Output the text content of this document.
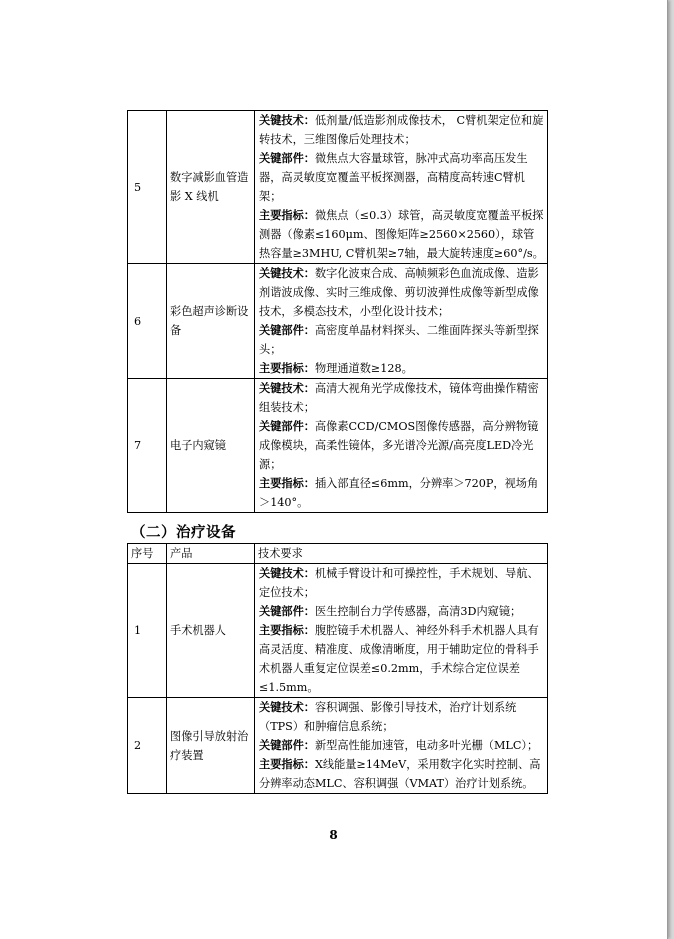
5	数字减影血管造影 X 线机	关键技术：低剂量/低造影剂成像技术， C臂机架定位和旋转技术，三维图像后处理技术；
关键部件：微焦点大容量球管，脉冲式高功率高压发生器，高灵敏度宽覆盖平板探测器，高精度高转速C臂机架；
主要指标：微焦点（≤0.3）球管，高灵敏度宽覆盖平板探测器（像素≤160μm、图像矩阵≥2560×2560），球管热容量≥3MHU, C臂机架≥7轴，最大旋转速度≥60°/s。
6	彩色超声诊断设备	关键技术：数字化波束合成、高帧频彩色血流成像、造影剂谐波成像、实时三维成像、剪切波弹性成像等新型成像技术，多模态技术，小型化设计技术；
关键部件：高密度单晶材料探头、二维面阵探头等新型探头；
主要指标：物理通道数≥128。
7	电子内窥镜	关键技术：高清大视角光学成像技术，镜体弯曲操作精密组装技术；
关键部件：高像素CCD/CMOS图像传感器，高分辨物镜成像模块，高柔性镜体，多光谱冷光源/高亮度LED冷光源；
主要指标：插入部直径≤6mm，分辨率＞720P，视场角＞140°。
（二）治疗设备
序号	产品	技术要求
1	手术机器人	关键技术：机械手臂设计和可操控性，手术规划、导航、定位技术；
关键部件：医生控制台力学传感器，高清3D内窥镜；
主要指标：腹腔镜手术机器人、神经外科手术机器人具有高灵活度、精准度、成像清晰度，用于辅助定位的骨科手术机器人重复定位误差≤0.2mm，手术综合定位误差≤1.5mm。
2	图像引导放射治疗装置	关键技术：容积调强、影像引导技术，治疗计划系统（TPS）和肿瘤信息系统；
关键部件：新型高性能加速管，电动多叶光栅（MLC）；
主要指标：X线能量≥14MeV，采用数字化实时控制、高分辨率动态MLC、容积调强（VMAT）治疗计划系统。
8
